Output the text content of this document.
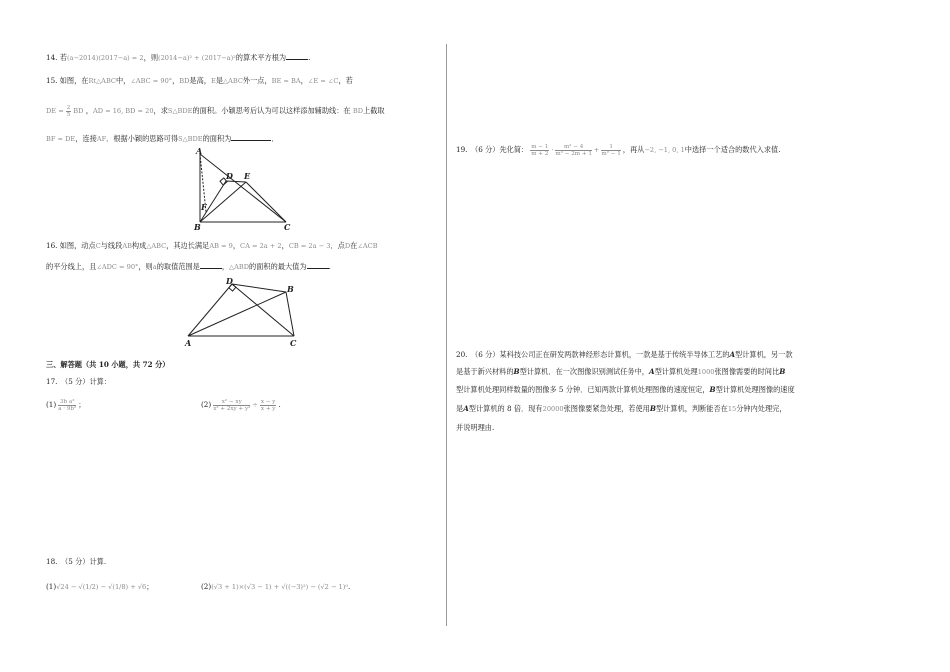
14. 若(a−2014)(2017−a) = 2，则(2014−a)² + (2017−a)²的算术平方根为	.
15. 如图，在Rt△ABC中，∠ABC = 90°，BD是高，E是△ABC外一点，BE = BA，∠E = ∠C，若
DE = $\frac{2}{5}$ BD ，AD = 16, BD = 20，求S△BDE的面积。小颖思考后认为可以这样添加辅助线：在 BD上截取
BF = DE，连接AF．根据小颖的思路可得S△BDE的面积为	．
A
D E
F
B	C
16. 如图，动点C与线段AB构成△ABC，其边长满足AB = 9，CA = 2a + 2，CB = 2a − 3．点D在∠ACB
的平分线上，且∠ADC = 90°，则a的取值范围是	，△ABD的面积的最大值为	.
D
B
A	C
三、解答题（共 10 小题，共 72 分）
17.　（5 分）计算：
$(1) \frac{\text{3b a²}}{\text{a · 9b²}}$ ；	$(2) \frac{\text{x² − xy}}{\text{x² + 2xy + y²}} \div \frac{x - y}{x + y}$ .
18.　（5 分）计算.
(1)√24 − √(1/2) − √(1/8) + √6；	(2)(√3 + 1)×(√3 − 1) + √((−3)²) − (√2 − 1)⁰.
19.　（6 分）先化简： $\frac{m - 1}{m + 2} \cdot \frac{\text{m² − 4}}{\text{m² − 2m + 1}} + \frac{1}{\text{m² − 1}}$ ，再从−2, −1, 0, 1中选择一个适合的数代入求值.
20.　（6 分）某科技公司正在研发两款神经形态计算机，一款是基于传统半导体工艺的A型计算机，另一款
是基于新兴材料的B型计算机．在一次图像识别测试任务中，A型计算机处理1000张图像需要的时间比B
型计算机处理同样数量的图像多 5 分钟．已知两款计算机处理图像的速度恒定，B型计算机处理图像的速度
是A型计算机的 8 倍．现有20000张图像要紧急处理，若使用B型计算机，判断能否在15分钟内处理完，
并说明理由.
